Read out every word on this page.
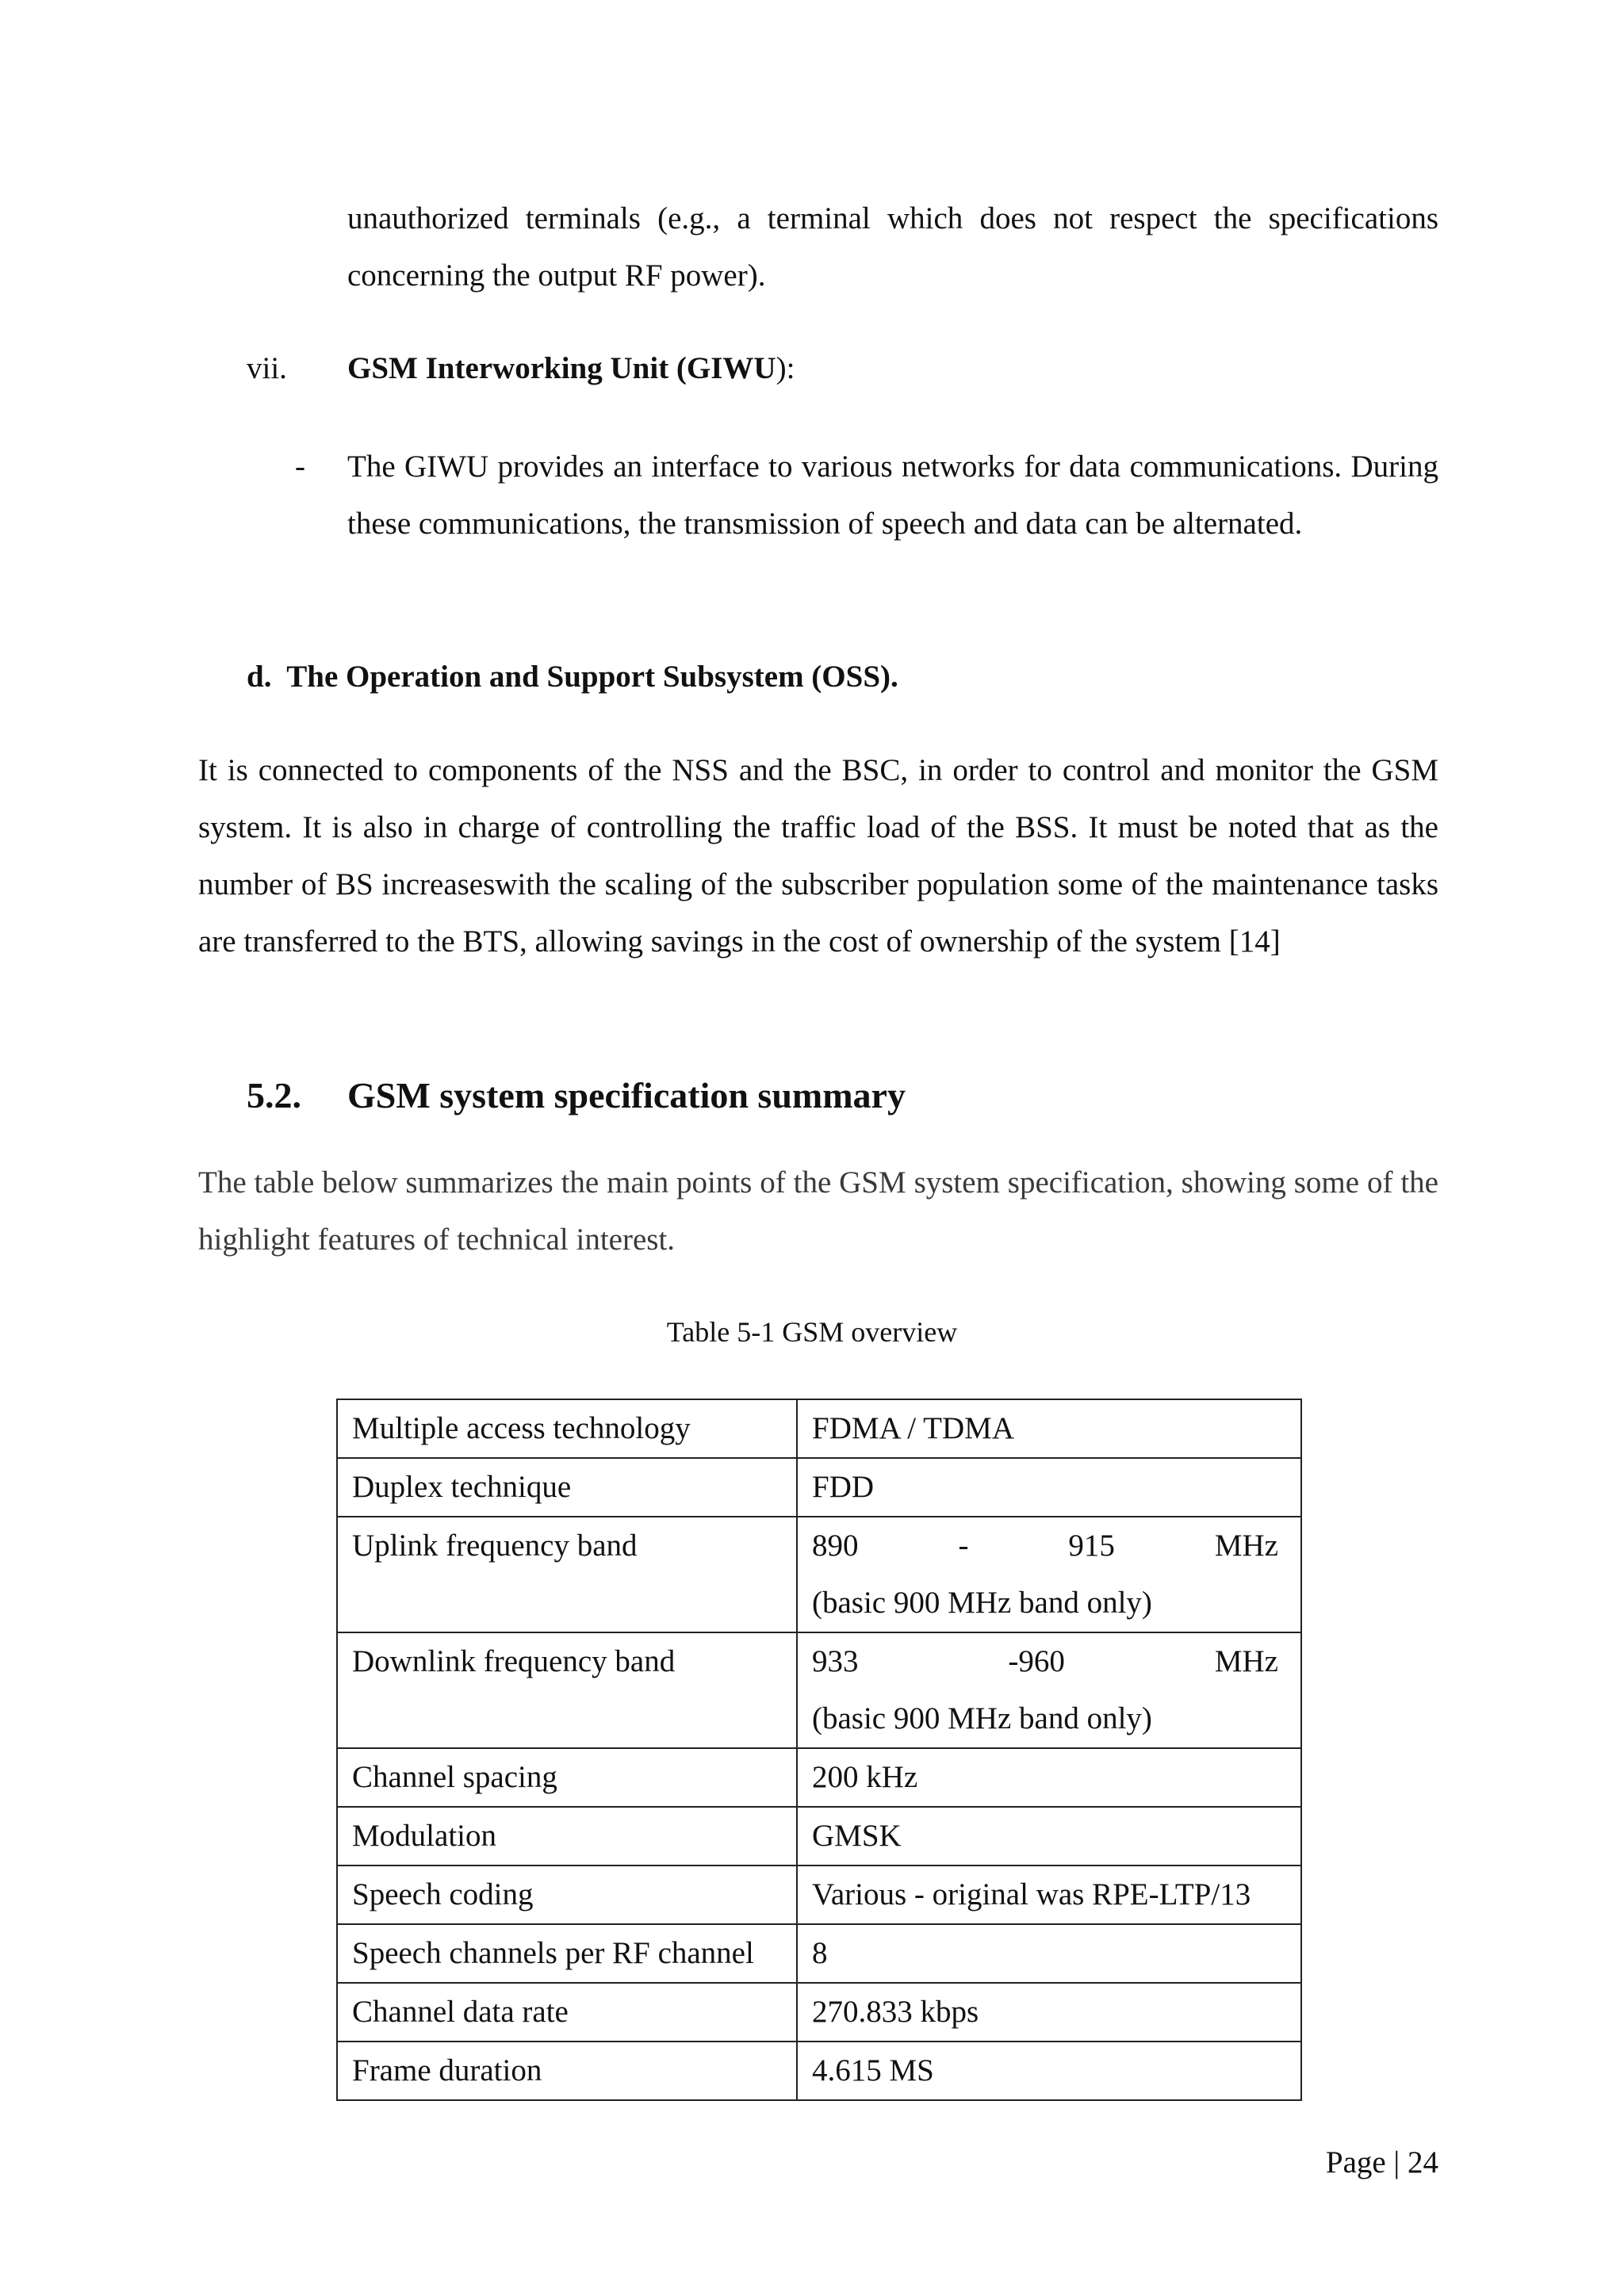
unauthorized terminals (e.g., a terminal which does not respect the specifications concerning the output RF power).
vii. GSM Interworking Unit (GIWU):
- The GIWU provides an interface to various networks for data communications. During these communications, the transmission of speech and data can be alternated.
d.  The Operation and Support Subsystem (OSS).
It is connected to components of the NSS and the BSC, in order to control and monitor the GSM system. It is also in charge of controlling the traffic load of the BSS. It must be noted that as the number of BS increaseswith the scaling of the subscriber population some of the maintenance tasks are transferred to the BTS, allowing savings in the cost of ownership of the system [14]
5.2. GSM system specification summary
The table below summarizes the main points of the GSM system specification, showing some of the highlight features of technical interest.
Table 5-1 GSM overview
Multiple access technology	FDMA / TDMA
Duplex technique	FDD
Uplink frequency band	890 - 915 MHz
(basic 900 MHz band only)

Downlink frequency band	933 -960 MHz
(basic 900 MHz band only)

Channel spacing	200 kHz
Modulation	GMSK
Speech coding	Various - original was RPE-LTP/13
Speech channels per RF channel	8
Channel data rate	270.833 kbps
Frame duration	4.615 MS
Page | 24
